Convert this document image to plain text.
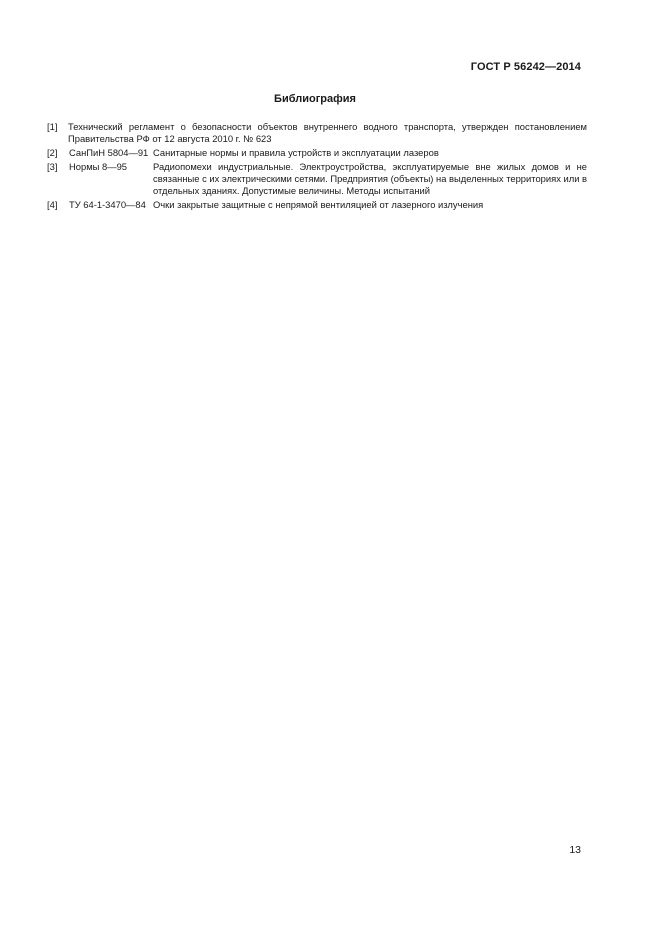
ГОСТ Р 56242—2014
Библиография
[1] Технический регламент о безопасности объектов внутреннего водного транспорта, утвержден постановлением Правительства РФ от 12 августа 2010 г. № 623
[2] СанПиН 5804—91 Санитарные нормы и правила устройств и эксплуатации лазеров
[3] Нормы 8—95	Радиопомехи индустриальные. Электроустройства, эксплуатируемые вне жилых домов и не связанные с их электрическими сетями. Предприятия (объекты) на выделенных территориях или в отдельных зданиях. Допустимые величины. Методы испытаний
[4] ТУ 64-1-3470—84 Очки закрытые защитные с непрямой вентиляцией от лазерного излучения
13
